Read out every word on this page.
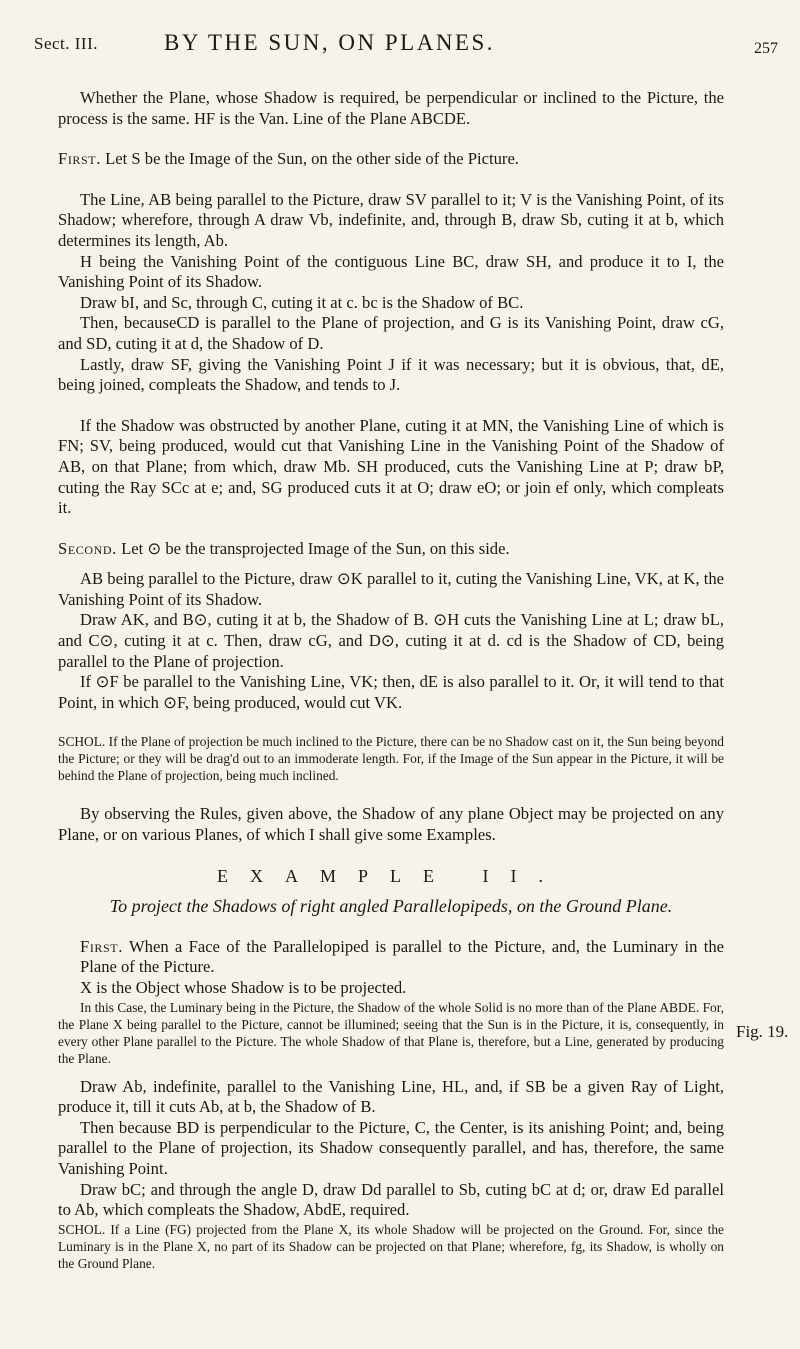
Sect. III.	BY THE SUN, ON PLANES.	257

Whether the Plane, whose Shadow is required, be perpendicular or inclined to the Picture, the process is the same. HF is the Van. Line of the Plane ABCDE.

First. Let S be the Image of the Sun, on the other side of the Picture.

The Line, AB being parallel to the Picture, draw SV parallel to it; V is the Vanishing Point, of its Shadow; wherefore, through A draw Vb, indefinite, and, through B, draw Sb, cuting it at b, which determines its length, Ab.

H being the Vanishing Point of the contiguous Line BC, draw SH, and produce it to I, the Vanishing Point of its Shadow.

Draw bI, and Sc, through C, cuting it at c. bc is the Shadow of BC.

Then, becauseCD is parallel to the Plane of projection, and G is its Vanishing Point, draw cG, and SD, cuting it at d, the Shadow of D.

Lastly, draw SF, giving the Vanishing Point J if it was necessary; but it is obvious, that, dE, being joined, compleats the Shadow, and tends to J.

If the Shadow was obstructed by another Plane, cuting it at MN, the Vanishing Line of which is FN; SV, being produced, would cut that Vanishing Line in the Vanishing Point of the Shadow of AB, on that Plane; from which, draw Mb. SH produced, cuts the Vanishing Line at P; draw bP, cuting the Ray SCc at e; and, SG produced cuts it at O; draw eO; or join ef only, which compleats it.

Second. Let ⊙ be the transprojected Image of the Sun, on this side.

AB being parallel to the Picture, draw ⊙K parallel to it, cuting the Vanishing Line, VK, at K, the Vanishing Point of its Shadow.

Draw AK, and B⊙, cuting it at b, the Shadow of B. ⊙H cuts the Vanishing Line at L; draw bL, and C⊙, cuting it at c. Then, draw cG, and D⊙, cuting it at d. cd is the Shadow of CD, being parallel to the Plane of projection.

If ⊙F be parallel to the Vanishing Line, VK; then, dE is also parallel to it. Or, it will tend to that Point, in which ⊙F, being produced, would cut VK.

SCHOL. If the Plane of projection be much inclined to the Picture, there can be no Shadow cast on it, the Sun being beyond the Picture; or they will be drag'd out to an immoderate length. For, if the Image of the Sun appear in the Picture, it will be behind the Plane of projection, being much inclined.

By observing the Rules, given above, the Shadow of any plane Object may be projected on any Plane, or on various Planes, of which I shall give some Examples.

EXAMPLE II.

To project the Shadows of right angled Parallelopipeds, on the Ground Plane.

First. When a Face of the Parallelopiped is parallel to the Picture, and, the Luminary in the Plane of the Picture.

X is the Object whose Shadow is to be projected.

In this Case, the Luminary being in the Picture, the Shadow of the whole Solid is no more than of the Plane ABDE. For, the Plane X being parallel to the Picture, cannot be illumined; seeing that the Sun is in the Picture, it is, consequently, in every other Plane parallel to the Picture. The whole Shadow of that Plane is, therefore, but a Line, generated by producing the Plane.

Draw Ab, indefinite, parallel to the Vanishing Line, HL, and, if SB be a given Ray of Light, produce it, till it cuts Ab, at b, the Shadow of B.

Then because BD is perpendicular to the Picture, C, the Center, is its anishing Point; and, being parallel to the Plane of projection, its Shadow consequently parallel, and has, therefore, the same Vanishing Point.

Draw bC; and through the angle D, draw Dd parallel to Sb, cuting bC at d; or, draw Ed parallel to Ab, which compleats the Shadow, AbdE, required.

SCHOL. If a Line (FG) projected from the Plane X, its whole Shadow will be projected on the Ground. For, since the Luminary is in the Plane X, no part of its Shadow can be projected on that Plane; wherefore, fg, its Shadow, is wholly on the Ground Plane.

Fig. 19.
